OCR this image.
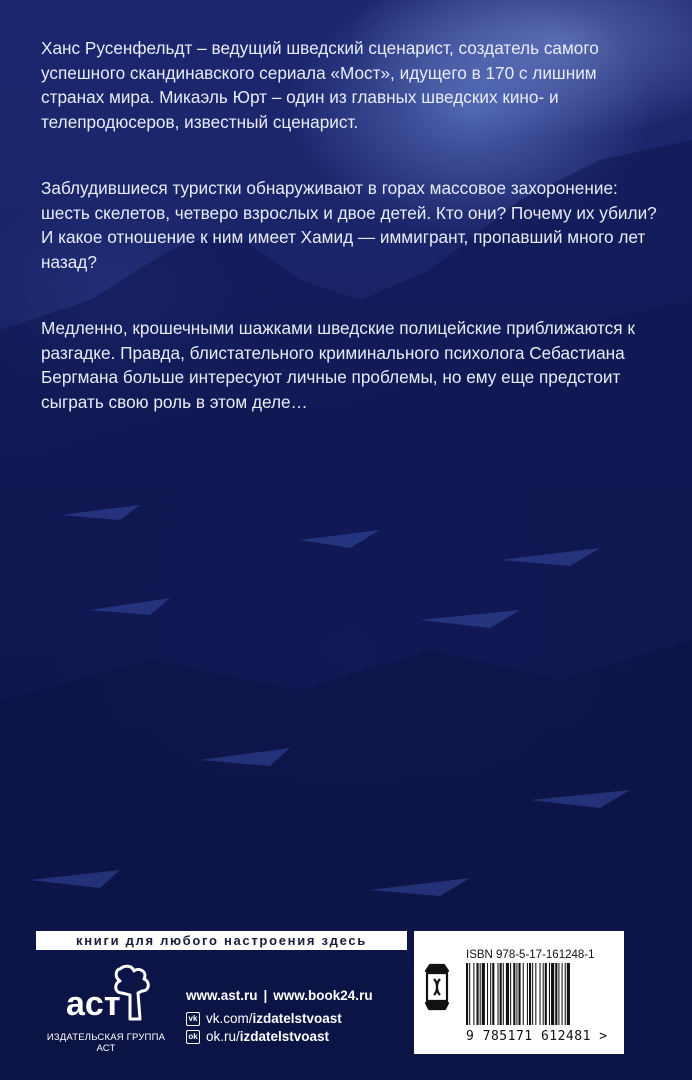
Ханс Русенфельдт – ведущий шведский сценарист, создатель самого успешного скандинавского сериала «Мост», идущего в 170 с лишним странах мира. Микаэль Юрт – один из главных шведских кино- и телепродюсеров, известный сценарист.

Заблудившиеся туристки обнаруживают в горах массовое захоронение: шесть скелетов, четверо взрослых и двое детей. Кто они? Почему их убили? И какое отношение к ним имеет Хамид — иммигрант, пропавший много лет назад?

Медленно, крошечными шажками шведские полицейские приближаются к разгадке. Правда, блистательного криминального психолога Себастиана Бергмана больше интересуют личные проблемы, но ему еще предстоит сыграть свою роль в этом деле…

книги для любого настроения здесь
аст
ИЗДАТЕЛЬСКАЯ ГРУППА АСТ
www.ast.ru | www.book24.ru
vk vk.com/ izdatelstvoast
ok ok.ru/ izdatelstvoast
ISBN 978-5-17-161248-1
9 785171 612481 >
